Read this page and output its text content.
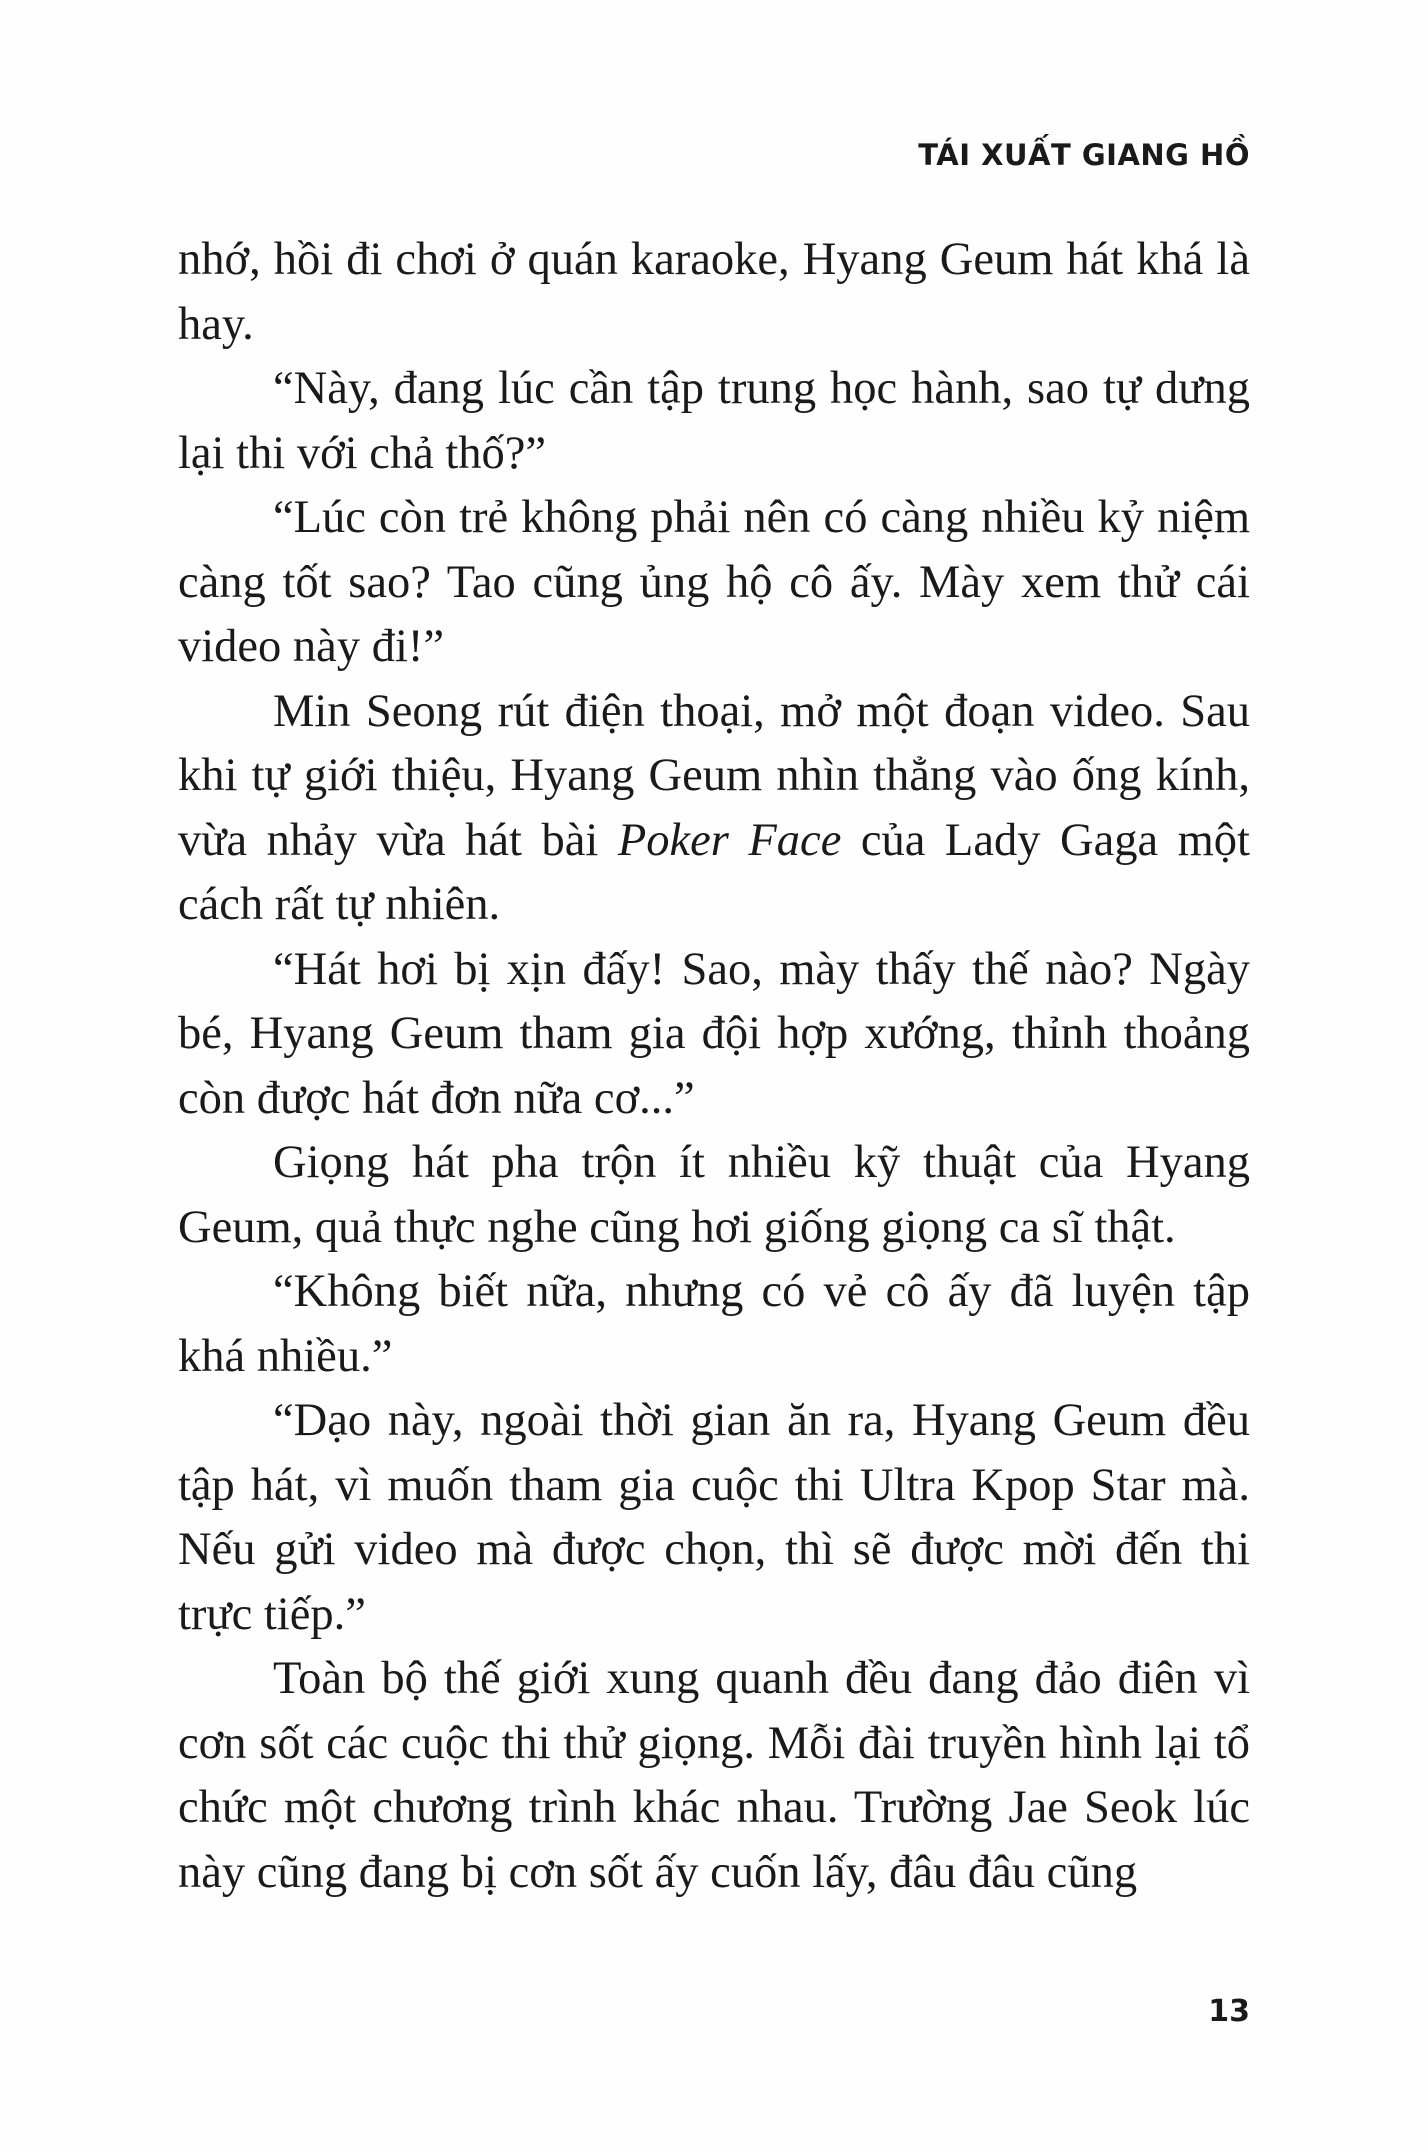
TÁI XUẤT GIANG HỒ

nhớ, hồi đi chơi ở quán karaoke, Hyang Geum hát khá là hay.

“Này, đang lúc cần tập trung học hành, sao tự dưng lại thi với chả thố?”

“Lúc còn trẻ không phải nên có càng nhiều kỷ niệm càng tốt sao? Tao cũng ủng hộ cô ấy. Mày xem thử cái video này đi!”

Min Seong rút điện thoại, mở một đoạn video. Sau khi tự giới thiệu, Hyang Geum nhìn thẳng vào ống kính, vừa nhảy vừa hát bài Poker Face của Lady Gaga một cách rất tự nhiên.

“Hát hơi bị xịn đấy! Sao, mày thấy thế nào? Ngày bé, Hyang Geum tham gia đội hợp xướng, thỉnh thoảng còn được hát đơn nữa cơ...”

Giọng hát pha trộn ít nhiều kỹ thuật của Hyang Geum, quả thực nghe cũng hơi giống giọng ca sĩ thật.

“Không biết nữa, nhưng có vẻ cô ấy đã luyện tập khá nhiều.”

“Dạo này, ngoài thời gian ăn ra, Hyang Geum đều tập hát, vì muốn tham gia cuộc thi Ultra Kpop Star mà. Nếu gửi video mà được chọn, thì sẽ được mời đến thi trực tiếp.”

Toàn bộ thế giới xung quanh đều đang đảo điên vì cơn sốt các cuộc thi thử giọng. Mỗi đài truyền hình lại tổ chức một chương trình khác nhau. Trường Jae Seok lúc này cũng đang bị cơn sốt ấy cuốn lấy, đâu đâu cũng

13
